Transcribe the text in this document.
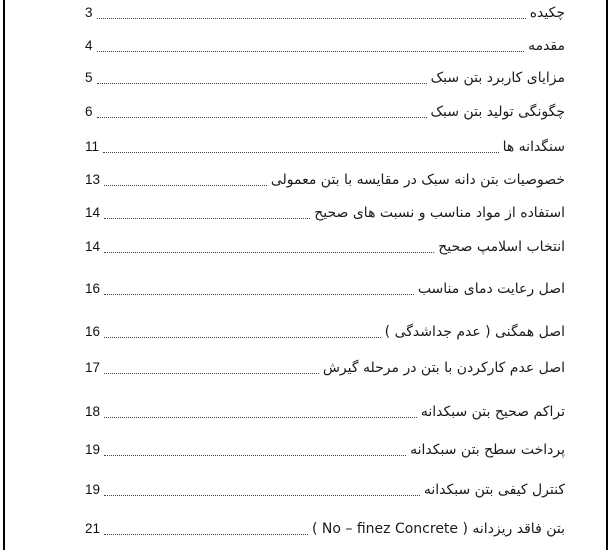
چکیده
3
مقدمه
4
مزایای کاربرد بتن سبک
5
چگونگی تولید بتن سبک
6
سنگدانه ها
11
خصوصیات بتن دانه سبک در مقایسه با بتن معمولی
13
استفاده از مواد مناسب و نسبت های صحیح
14
انتخاب اسلامپ صحیح
14
اصل رعایت دمای مناسب
16
اصل همگنی ( عدم جداشدگی )
16
اصل عدم کارکردن با بتن در مرحله گیرش
17
تراکم صحیح بتن سبکدانه
18
پرداخت سطح بتن سبکدانه
19
کنترل کیفی بتن سبکدانه
19
بتن فاقد ریزدانه ( No – finez Concrete )
21
